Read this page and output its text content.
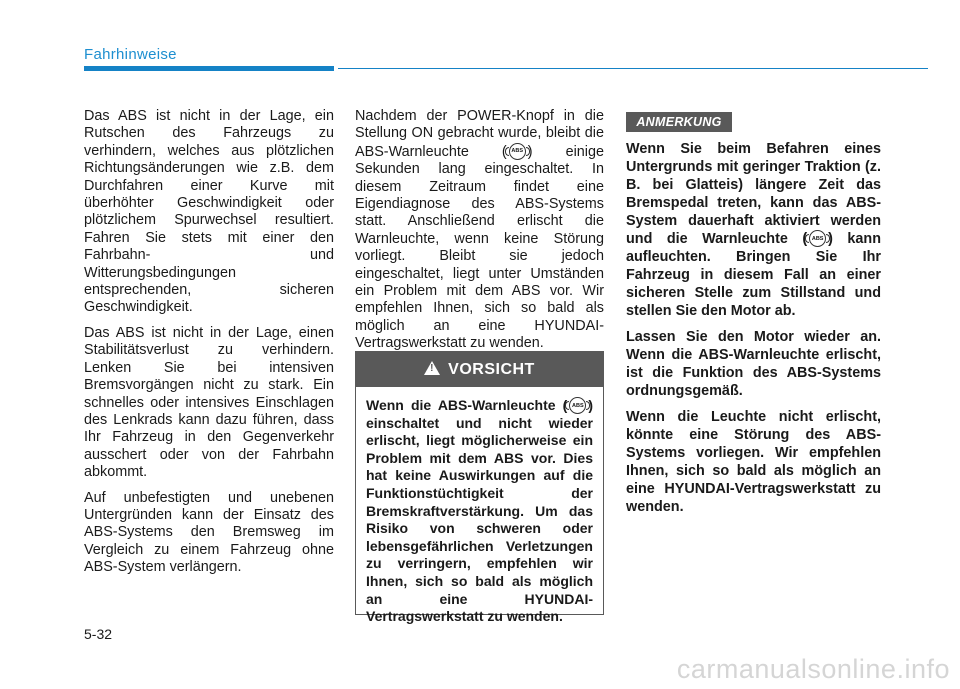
Fahrhinweise

Das ABS ist nicht in der Lage, ein Rutschen des Fahrzeugs zu verhindern, welches aus plötzlichen Richtungsänderungen wie z.B. dem Durchfahren einer Kurve mit überhöhter Geschwindigkeit oder plötzlichem Spurwechsel resultiert. Fahren Sie stets mit einer den Fahrbahn- und Witterungsbedingungen entsprechenden, sicheren Geschwindigkeit.

Das ABS ist nicht in der Lage, einen Stabilitätsverlust zu verhindern. Lenken Sie bei intensiven Bremsvorgängen nicht zu stark. Ein schnelles oder intensives Einschlagen des Lenkrads kann dazu führen, dass Ihr Fahrzeug in den Gegenverkehr ausschert oder von der Fahrbahn abkommt.

Auf unbefestigten und unebenen Untergründen kann der Einsatz des ABS-Systems den Bremsweg im Vergleich zu einem Fahrzeug ohne ABS-System verlängern.

Nachdem der POWER-Knopf in die Stellung ON gebracht wurde, bleibt die ABS-Warnleuchte ( ABS ) einige Sekunden lang eingeschaltet. In diesem Zeitraum findet eine Eigendiagnose des ABS-Systems statt. Anschließend erlischt die Warnleuchte, wenn keine Störung vorliegt. Bleibt sie jedoch eingeschaltet, liegt unter Umständen ein Problem mit dem ABS vor. Wir empfehlen Ihnen, sich so bald als möglich an eine HYUNDAI-Vertragswerkstatt zu wenden.

!VORSICHT
Wenn die ABS-Warnleuchte ( ABS ) einschaltet und nicht wieder erlischt, liegt möglicherweise ein Problem mit dem ABS vor. Dies hat keine Auswirkungen auf die Funktionstüchtigkeit der Bremskraftverstärkung. Um das Risiko von schweren oder lebensgefährlichen Verletzungen zu verringern, empfehlen wir Ihnen, sich so bald als möglich an eine HYUNDAI-Vertragswerkstatt zu wenden.
ANMERKUNG

Wenn Sie beim Befahren eines Untergrunds mit geringer Traktion (z. B. bei Glatteis) längere Zeit das Bremspedal treten, kann das ABS-System dauerhaft aktiviert werden und die Warnleuchte ( ABS ) kann aufleuchten. Bringen Sie Ihr Fahrzeug in diesem Fall an einer sicheren Stelle zum Stillstand und stellen Sie den Motor ab.

Lassen Sie den Motor wieder an. Wenn die ABS-Warnleuchte erlischt, ist die Funktion des ABS-Systems ordnungsgemäß.

Wenn die Leuchte nicht erlischt, könnte eine Störung des ABS-Systems vorliegen. Wir empfehlen Ihnen, sich so bald als möglich an eine HYUNDAI-Vertragswerkstatt zu wenden.

5-32
carmanualsonline.info
